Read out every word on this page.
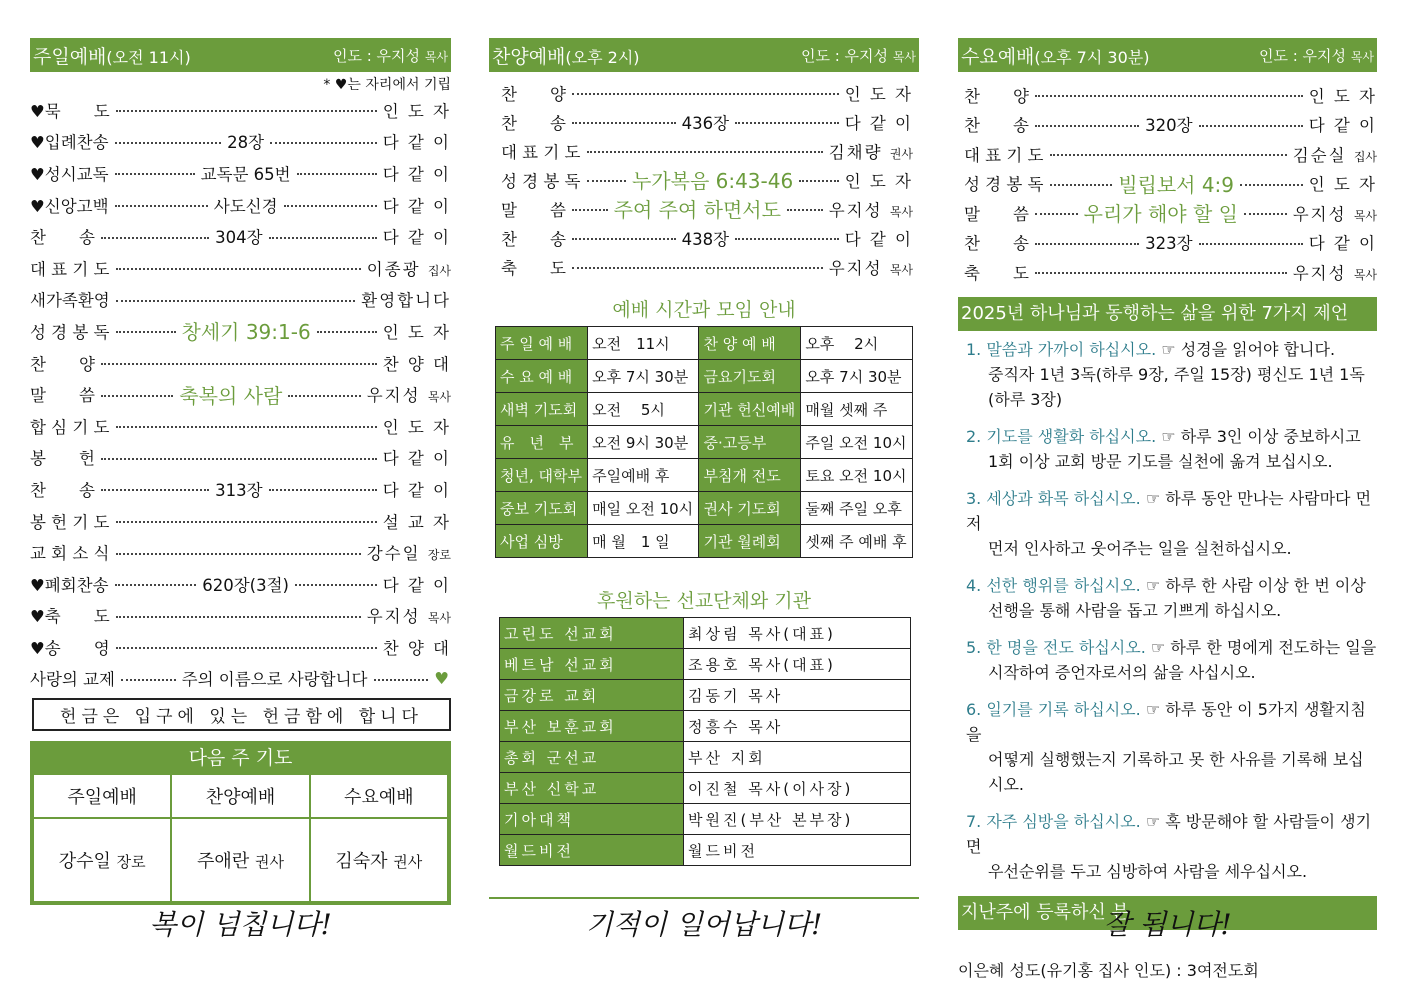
주일예배(오전 11시)	인도 : 우지성 목사
* ♥는 자리에서 기립
♥묵　　도	인 도 자
♥입례찬송	28장	다 같 이
♥성시교독	교독문 65번	다 같 이
♥신앙고백	사도신경	다 같 이
찬　　송	304장	다 같 이
대 표 기 도	이종광 집사
새가족환영	환영합니다
성 경 봉 독	창세기 39:1-6	인 도 자
찬　　양	찬 양 대
말　　씀	축복의 사람	우지성 목사
합 심 기 도	인 도 자
봉　　헌	다 같 이
찬　　송	313장	다 같 이
봉 헌 기 도	설 교 자
교 회 소 식	강수일 장로
♥폐회찬송	620장(3절)	다 같 이
♥축　　도	우지성 목사
♥송　　영	찬 양 대
사랑의 교제	주의 이름으로 사랑합니다	♥
헌금은 입구에 있는 헌금함에 합니다
다음 주 기도
주일예배	찬양예배	수요예배
강수일 장로	주애란 권사	김숙자 권사
복이 넘칩니다!
찬양예배(오후 2시)	인도 : 우지성 목사
찬　　양	인 도 자
찬　　송	436장	다 같 이
대 표 기 도	김채량 권사
성 경 봉 독	누가복음 6:43-46	인 도 자
말　　씀	주여 주여 하면서도	우지성 목사
찬　　송	438장	다 같 이
축　　도	우지성 목사
예배 시간과 모임 안내
주 일 예 배	오전　11시	찬 양 예 배	오후　 2시
수 요 예 배	오후 7시 30분	금요기도회	오후 7시 30분
새벽 기도회	오전　 5시	기관 헌신예배	매월 셋째 주
유　년　부	오전 9시 30분	중·고등부	주일 오전 10시
청년, 대학부	주일예배 후	부침개 전도	토요 오전 10시
중보 기도회	매일 오전 10시	권사 기도회	둘째 주일 오후
사업 심방	매 월　1 일	기관 월례회	셋째 주 예배 후
후원하는 선교단체와 기관
고린도 선교회	최상림 목사(대표)
베트남 선교회	조용호 목사(대표)
금강로 교회	김동기 목사
부산 보훈교회	정흥수 목사
총회 군선교	부산 지회
부산 신학교	이진철 목사(이사장)
기아대책	박원진(부산 본부장)
월드비전	월드비전
기적이 일어납니다!
수요예배(오후 7시 30분)	인도 : 우지성 목사
찬　　양	인 도 자
찬　　송	320장	다 같 이
대 표 기 도	김순실 집사
성 경 봉 독	빌립보서 4:9	인 도 자
말　　씀	우리가 해야 할 일	우지성 목사
찬　　송	323장	다 같 이
축　　도	우지성 목사
2025년 하나님과 동행하는 삶을 위한 7가지 제언
1. 말씀과 가까이 하십시오. ☞ 성경을 읽어야 합니다.
중직자 1년 3독(하루 9장, 주일 15장) 평신도 1년 1독(하루 3장)
2. 기도를 생활화 하십시오. ☞ 하루 3인 이상 중보하시고
1회 이상 교회 방문 기도를 실천에 옮겨 보십시오.
3. 세상과 화목 하십시오. ☞ 하루 동안 만나는 사람마다 먼저
먼저 인사하고 웃어주는 일을 실천하십시오.
4. 선한 행위를 하십시오. ☞ 하루 한 사람 이상 한 번 이상
선행을 통해 사람을 돕고 기쁘게 하십시오.
5. 한 명을 전도 하십시오. ☞ 하루 한 명에게 전도하는 일을
시작하여 증언자로서의 삶을 사십시오.
6. 일기를 기록 하십시오. ☞ 하루 동안 이 5가지 생활지침을
어떻게 실행했는지 기록하고 못 한 사유를 기록해 보십시오.
7. 자주 심방을 하십시오. ☞ 혹 방문해야 할 사람들이 생기면
우선순위를 두고 심방하여 사람을 세우십시오.
지난주에 등록하신 분
이은혜 성도(유기홍 집사 인도) : 3여전도회
잘 됩니다!
